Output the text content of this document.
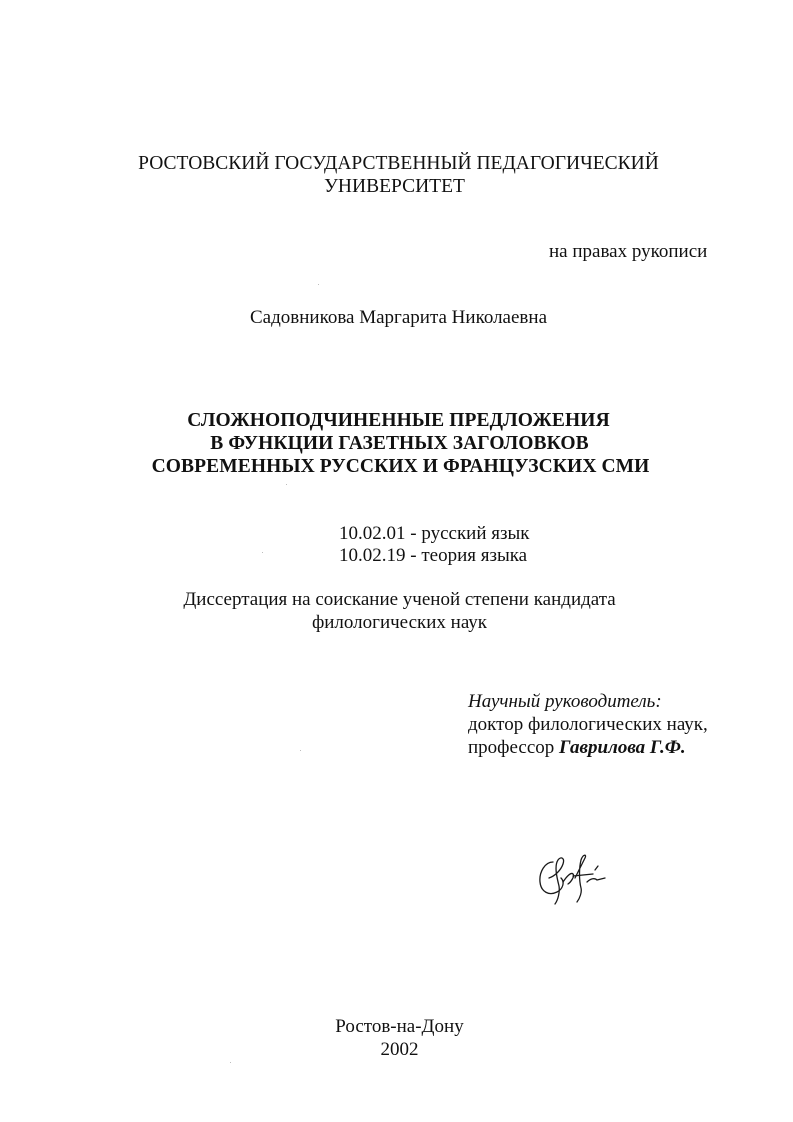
РОСТОВСКИЙ ГОСУДАРСТВЕННЫЙ ПЕДАГОГИЧЕСКИЙ
УНИВЕРСИТЕТ
на правах рукописи
Садовникова Маргарита Николаевна
СЛОЖНОПОДЧИНЕННЫЕ ПРЕДЛОЖЕНИЯ
В ФУНКЦИИ ГАЗЕТНЫХ ЗАГОЛОВКОВ
СОВРЕМЕННЫХ РУССКИХ И ФРАНЦУЗСКИХ СМИ
10.02.01 - русский язык
10.02.19 - теория языка
Диссертация на соискание ученой степени кандидата
филологических наук
Научный руководитель:
доктор филологических наук,
профессор Гаврилова Г.Ф.
Ростов-на-Дону
2002
